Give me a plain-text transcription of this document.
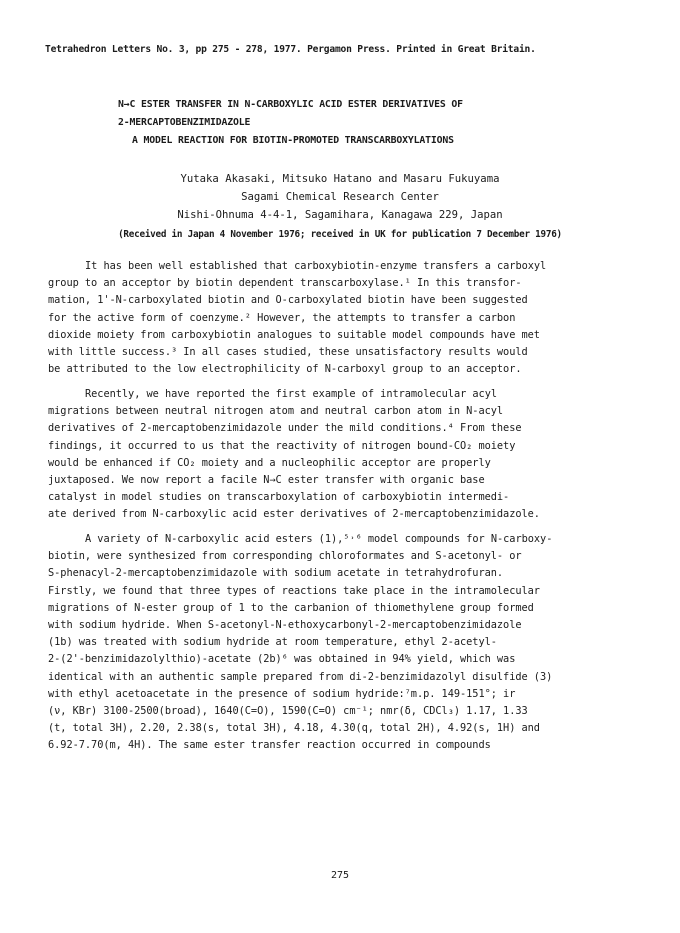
Tetrahedron Letters No. 3, pp 275 - 278, 1977. Pergamon Press. Printed in Great Britain.
N→C ESTER TRANSFER IN N-CARBOXYLIC ACID ESTER DERIVATIVES OF
2-MERCAPTOBENZIMIDAZOLE
A MODEL REACTION FOR BIOTIN-PROMOTED TRANSCARBOXYLATIONS
Yutaka Akasaki, Mitsuko Hatano and Masaru Fukuyama
Sagami Chemical Research Center
Nishi-Ohnuma 4-4-1, Sagamihara, Kanagawa 229, Japan
(Received in Japan 4 November 1976; received in UK for publication 7 December 1976)
It has been well established that carboxybiotin-enzyme transfers a carboxyl
group to an acceptor by biotin dependent transcarboxylase.¹ In this transfor-
mation, 1'-N-carboxylated biotin and O-carboxylated biotin have been suggested
for the active form of coenzyme.² However, the attempts to transfer a carbon
dioxide moiety from carboxybiotin analogues to suitable model compounds have met
with little success.³ In all cases studied, these unsatisfactory results would
be attributed to the low electrophilicity of N-carboxyl group to an acceptor.
Recently, we have reported the first example of intramolecular acyl
migrations between neutral nitrogen atom and neutral carbon atom in N-acyl
derivatives of 2-mercaptobenzimidazole under the mild conditions.⁴ From these
findings, it occurred to us that the reactivity of nitrogen bound-CO₂ moiety
would be enhanced if CO₂ moiety and a nucleophilic acceptor are properly
juxtaposed. We now report a facile N→C ester transfer with organic base
catalyst in model studies on transcarboxylation of carboxybiotin intermedi-
ate derived from N-carboxylic acid ester derivatives of 2-mercaptobenzimidazole.
A variety of N-carboxylic acid esters (1),⁵˒⁶ model compounds for N-carboxy-
biotin, were synthesized from corresponding chloroformates and S-acetonyl- or
S-phenacyl-2-mercaptobenzimidazole with sodium acetate in tetrahydrofuran.
Firstly, we found that three types of reactions take place in the intramolecular
migrations of N-ester group of 1 to the carbanion of thiomethylene group formed
with sodium hydride. When S-acetonyl-N-ethoxycarbonyl-2-mercaptobenzimidazole
(1b) was treated with sodium hydride at room temperature, ethyl 2-acetyl-
2-(2'-benzimidazolylthio)-acetate (2b)⁶ was obtained in 94% yield, which was
identical with an authentic sample prepared from di-2-benzimidazolyl disulfide (3)
with ethyl acetoacetate in the presence of sodium hydride:⁷m.p. 149-151°; ir
(ν, KBr) 3100-2500(broad), 1640(C=O), 1590(C=O) cm⁻¹; nmr(δ, CDCl₃) 1.17, 1.33
(t, total 3H), 2.20, 2.38(s, total 3H), 4.18, 4.30(q, total 2H), 4.92(s, 1H) and
6.92-7.70(m, 4H). The same ester transfer reaction occurred in compounds
275
